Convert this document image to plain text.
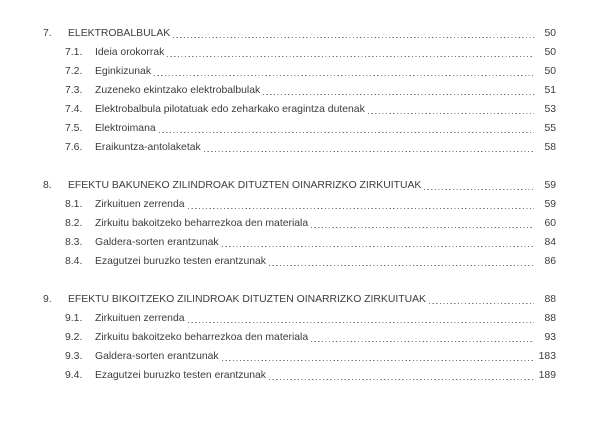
7.	ELEKTROBALBULAK	50
7.1.	Ideia orokorrak	50
7.2.	Eginkizunak	50
7.3.	Zuzeneko ekintzako elektrobalbulak	51
7.4.	Elektrobalbula pilotatuak edo zeharkako eragintza dutenak	53
7.5.	Elektroimana	55
7.6.	Eraikuntza-antolaketak	58
8.	EFEKTU BAKUNEKO ZILINDROAK DITUZTEN OINARRIZKO ZIRKUITUAK	59
8.1.	Zirkuituen zerrenda	59
8.2.	Zirkuitu bakoitzeko beharrezkoa den materiala	60
8.3.	Galdera-sorten erantzunak	84
8.4.	Ezagutzei buruzko testen erantzunak	86
9.	EFEKTU BIKOITZEKO ZILINDROAK DITUZTEN OINARRIZKO ZIRKUITUAK	88
9.1.	Zirkuituen zerrenda	88
9.2.	Zirkuitu bakoitzeko beharrezkoa den materiala	93
9.3.	Galdera-sorten erantzunak	183
9.4.	Ezagutzei buruzko testen erantzunak	189
